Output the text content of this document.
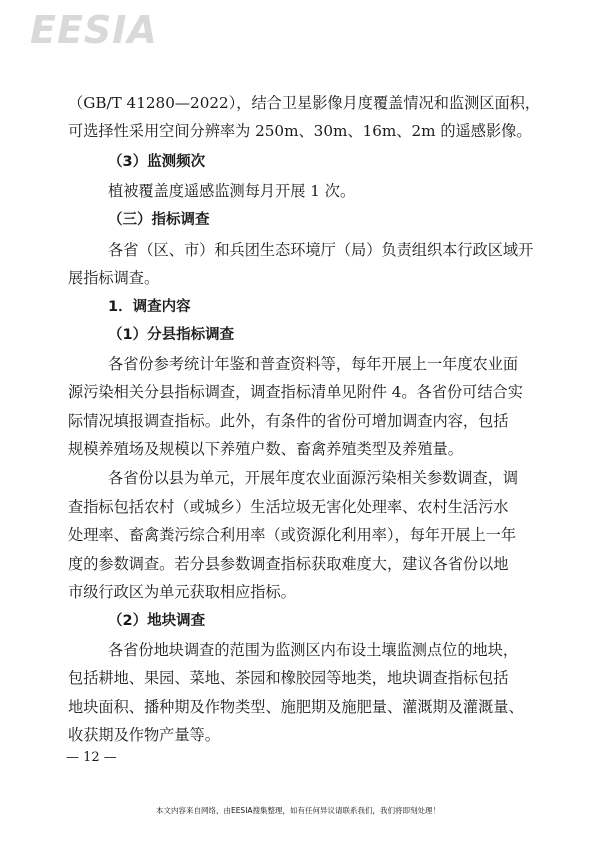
EESIA
（GB/T 41280—2022），结合卫星影像月度覆盖情况和监测区面积，
可选择性采用空间分辨率为 250m、30m、16m、2m 的遥感影像。
（3）监测频次
植被覆盖度遥感监测每月开展 1 次。
（三）指标调查
各省（区、市）和兵团生态环境厅（局）负责组织本行政区域开
展指标调查。
1．调查内容
（1）分县指标调查
各省份参考统计年鉴和普查资料等，每年开展上一年度农业面
源污染相关分县指标调查，调查指标清单见附件 4。各省份可结合实
际情况填报调查指标。此外，有条件的省份可增加调查内容，包括
规模养殖场及规模以下养殖户数、畜禽养殖类型及养殖量。
各省份以县为单元，开展年度农业面源污染相关参数调查，调
查指标包括农村（或城乡）生活垃圾无害化处理率、农村生活污水
处理率、畜禽粪污综合利用率（或资源化利用率），每年开展上一年
度的参数调查。若分县参数调查指标获取难度大，建议各省份以地
市级行政区为单元获取相应指标。
（2）地块调查
各省份地块调查的范围为监测区内布设土壤监测点位的地块，
包括耕地、果园、菜地、茶园和橡胶园等地类，地块调查指标包括
地块面积、播种期及作物类型、施肥期及施肥量、灌溉期及灌溉量、
收获期及作物产量等。
— 12 —
本文内容来自网络，由EESIA搜集整理，如有任何异议请联系我们，我们将即刻处理！
